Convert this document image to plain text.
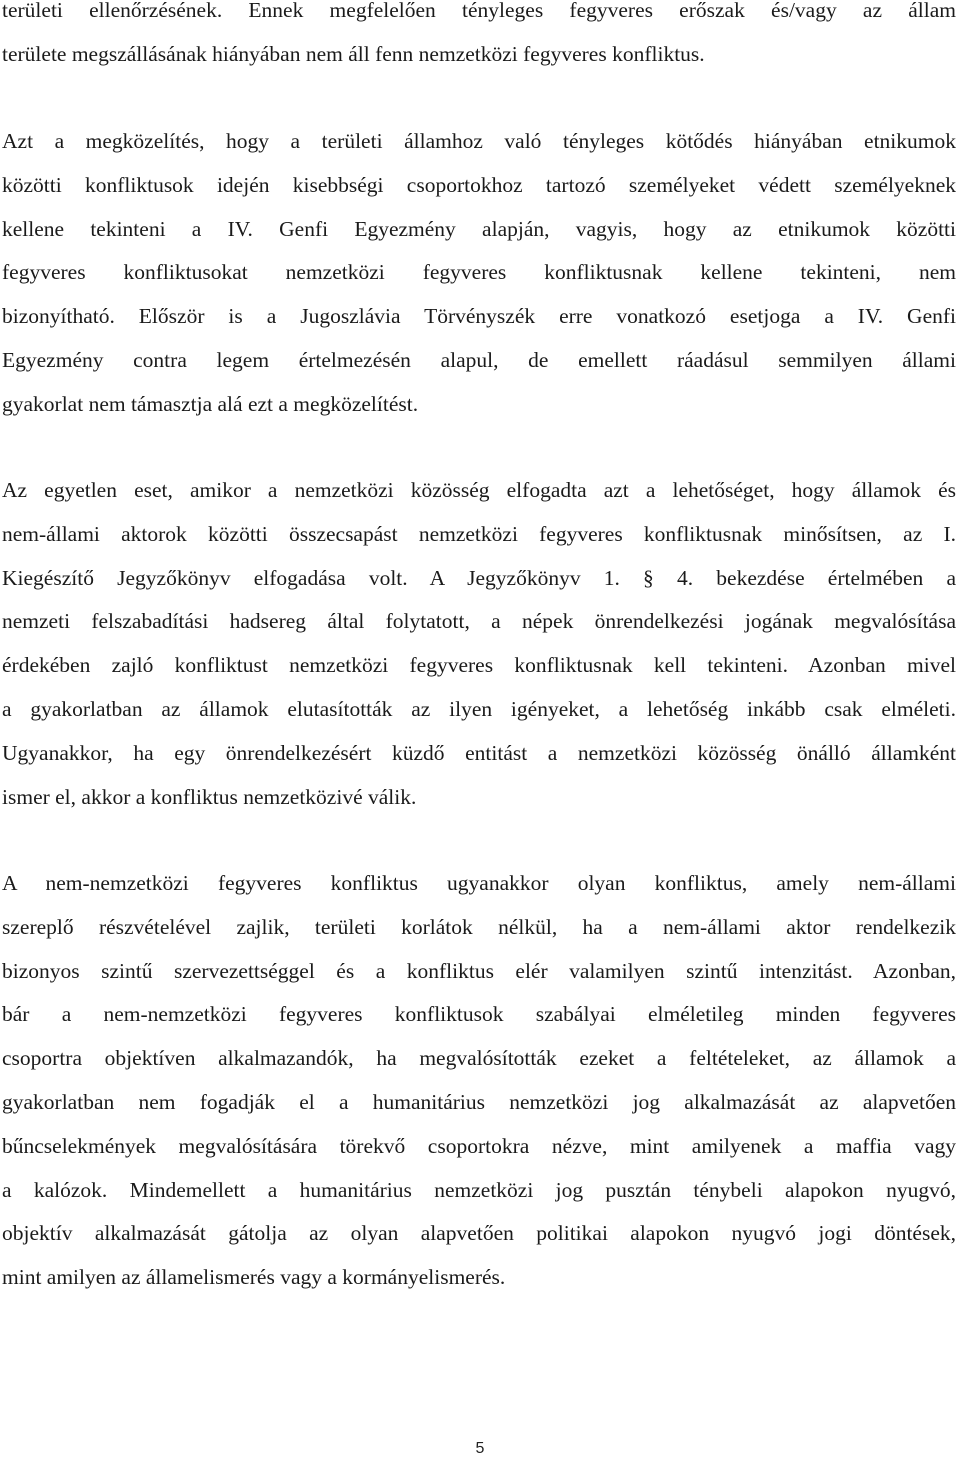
területi ellenőrzésének. Ennek megfelelően tényleges fegyveres erőszak és/vagy az állam
területe megszállásának hiányában nem áll fenn nemzetközi fegyveres konfliktus.
Azt a megközelítés, hogy a területi államhoz való tényleges kötődés hiányában etnikumok
közötti konfliktusok idején kisebbségi csoportokhoz tartozó személyeket védett személyeknek
kellene tekinteni a IV. Genfi Egyezmény alapján, vagyis, hogy az etnikumok közötti
fegyveres konfliktusokat nemzetközi fegyveres konfliktusnak kellene tekinteni, nem
bizonyítható. Először is a Jugoszlávia Törvényszék erre vonatkozó esetjoga a IV. Genfi
Egyezmény contra legem értelmezésén alapul, de emellett ráadásul semmilyen állami
gyakorlat nem támasztja alá ezt a megközelítést.
Az egyetlen eset, amikor a nemzetközi közösség elfogadta azt a lehetőséget, hogy államok és
nem-állami aktorok közötti összecsapást nemzetközi fegyveres konfliktusnak minősítsen, az I.
Kiegészítő Jegyzőkönyv elfogadása volt. A Jegyzőkönyv 1. § 4. bekezdése értelmében a
nemzeti felszabadítási hadsereg által folytatott, a népek önrendelkezési jogának megvalósítása
érdekében zajló konfliktust nemzetközi fegyveres konfliktusnak kell tekinteni. Azonban mivel
a gyakorlatban az államok elutasították az ilyen igényeket, a lehetőség inkább csak elméleti.
Ugyanakkor, ha egy önrendelkezésért küzdő entitást a nemzetközi közösség önálló államként
ismer el, akkor a konfliktus nemzetközivé válik.
A nem-nemzetközi fegyveres konfliktus ugyanakkor olyan konfliktus, amely nem-állami
szereplő részvételével zajlik, területi korlátok nélkül, ha a nem-állami aktor rendelkezik
bizonyos szintű szervezettséggel és a konfliktus elér valamilyen szintű intenzitást. Azonban,
bár a nem-nemzetközi fegyveres konfliktusok szabályai elméletileg minden fegyveres
csoportra objektíven alkalmazandók, ha megvalósították ezeket a feltételeket, az államok a
gyakorlatban nem fogadják el a humanitárius nemzetközi jog alkalmazását az alapvetően
bűncselekmények megvalósítására törekvő csoportokra nézve, mint amilyenek a maffia vagy
a kalózok. Mindemellett a humanitárius nemzetközi jog pusztán ténybeli alapokon nyugvó,
objektív alkalmazását gátolja az olyan alapvetően politikai alapokon nyugvó jogi döntések,
mint amilyen az államelismerés vagy a kormányelismerés.
5
